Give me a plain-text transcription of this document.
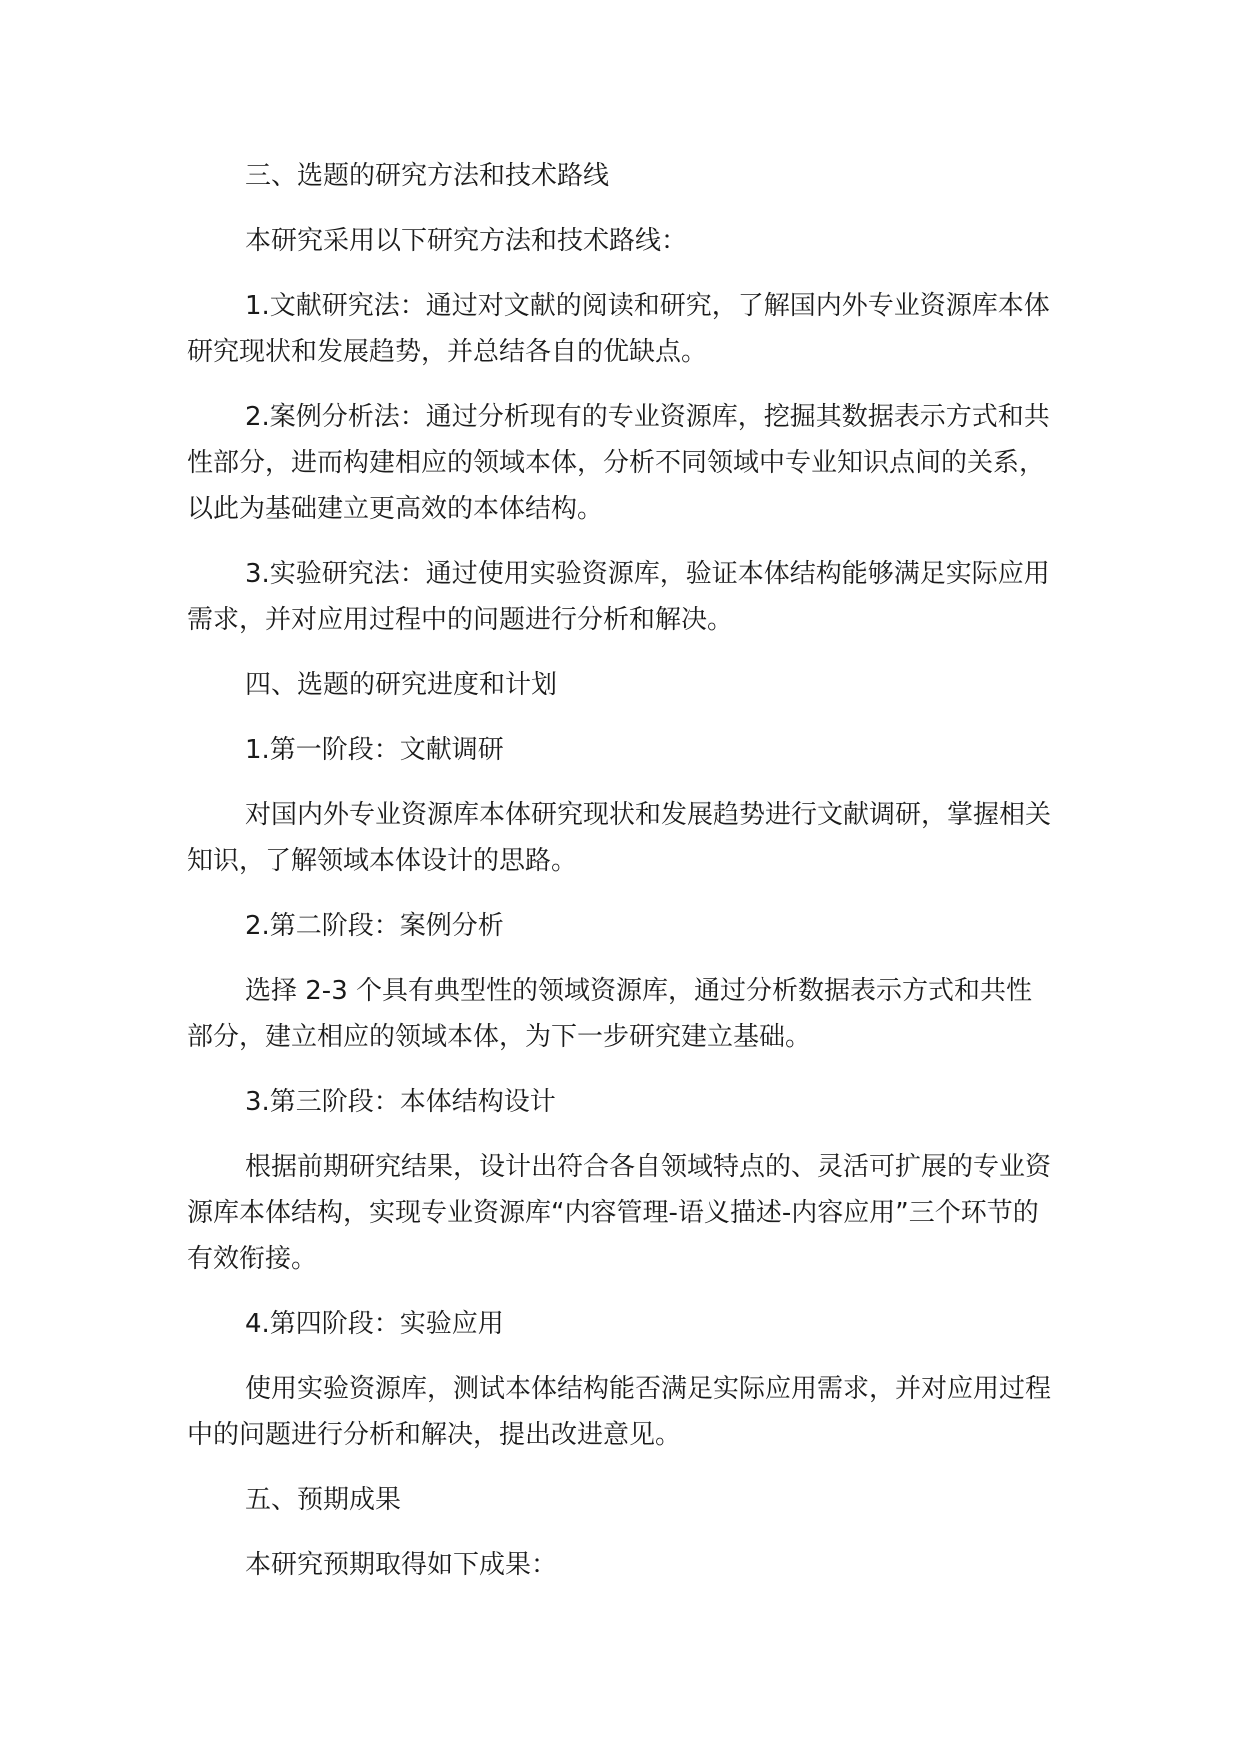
三、选题的研究方法和技术路线

本研究采用以下研究方法和技术路线：

1.文献研究法：通过对文献的阅读和研究，了解国内外专业资源库本体研究现状和发展趋势，并总结各自的优缺点。

2.案例分析法：通过分析现有的专业资源库，挖掘其数据表示方式和共性部分，进而构建相应的领域本体，分析不同领域中专业知识点间的关系，以此为基础建立更高效的本体结构。

3.实验研究法：通过使用实验资源库，验证本体结构能够满足实际应用需求，并对应用过程中的问题进行分析和解决。

四、选题的研究进度和计划

1.第一阶段：文献调研

对国内外专业资源库本体研究现状和发展趋势进行文献调研，掌握相关知识，了解领域本体设计的思路。

2.第二阶段：案例分析

选择 2-3 个具有典型性的领域资源库，通过分析数据表示方式和共性部分，建立相应的领域本体，为下一步研究建立基础。

3.第三阶段：本体结构设计

根据前期研究结果，设计出符合各自领域特点的、灵活可扩展的专业资源库本体结构，实现专业资源库“内容管理-语义描述-内容应用”三个环节的有效衔接。

4.第四阶段：实验应用

使用实验资源库，测试本体结构能否满足实际应用需求，并对应用过程中的问题进行分析和解决，提出改进意见。

五、预期成果

本研究预期取得如下成果：
